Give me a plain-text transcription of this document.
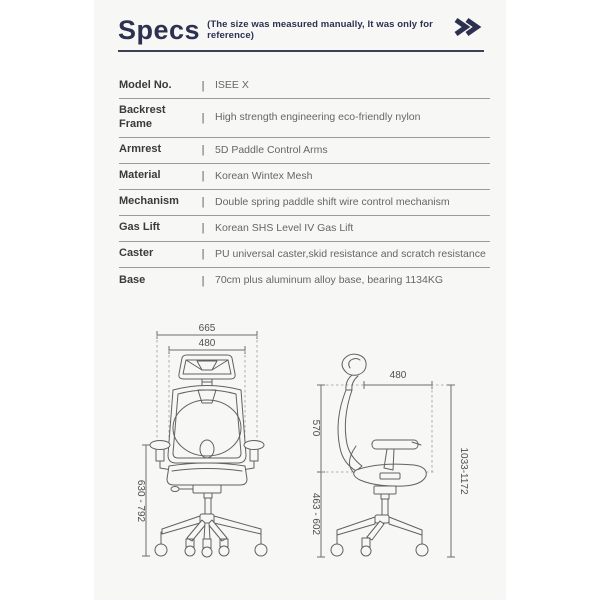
Specs (The size was measured manually, It was only for reference)
Model No.	|	ISEE X
Backrest Frame	|	High strength engineering eco-friendly nylon
Armrest	|	5D Paddle Control Arms
Material	|	Korean Wintex Mesh
Mechanism	|	Double spring paddle shift wire control mechanism
Gas Lift	|	Korean SHS Level IV Gas Lift
Caster	|	PU universal caster,skid resistance and scratch resistance
Base	|	70cm plus aluminum alloy base, bearing 1134KG
665
480
630 - 792
480
570
463 - 602
1033-1172
